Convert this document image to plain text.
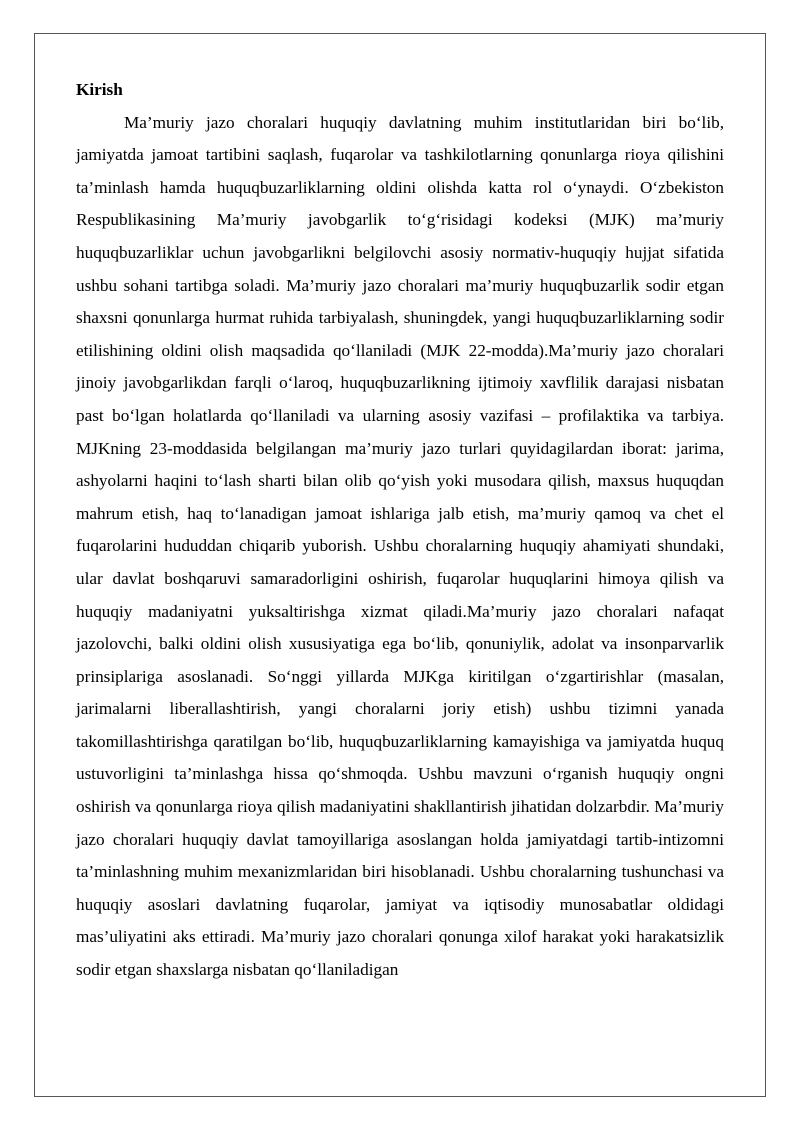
Kirish

Ma’muriy jazo choralari huquqiy davlatning muhim institutlaridan biri bo‘lib, jamiyatda jamoat tartibini saqlash, fuqarolar va tashkilotlarning qonunlarga rioya qilishini ta’minlash hamda huquqbuzarliklarning oldini olishda katta rol o‘ynaydi. O‘zbekiston Respublikasining Ma’muriy javobgarlik to‘g‘risidagi kodeksi (MJK) ma’muriy huquqbuzarliklar uchun javobgarlikni belgilovchi asosiy normativ-huquqiy hujjat sifatida ushbu sohani tartibga soladi. Ma’muriy jazo choralari ma’muriy huquqbuzarlik sodir etgan shaxsni qonunlarga hurmat ruhida tarbiyalash, shuningdek, yangi huquqbuzarliklarning sodir etilishining oldini olish maqsadida qo‘llaniladi (MJK 22-modda).Ma’muriy jazo choralari jinoiy javobgarlikdan farqli o‘laroq, huquqbuzarlikning ijtimoiy xavflilik darajasi nisbatan past bo‘lgan holatlarda qo‘llaniladi va ularning asosiy vazifasi – profilaktika va tarbiya. MJKning 23-moddasida belgilangan ma’muriy jazo turlari quyidagilardan iborat: jarima, ashyolarni haqini to‘lash sharti bilan olib qo‘yish yoki musodara qilish, maxsus huquqdan mahrum etish, haq to‘lanadigan jamoat ishlariga jalb etish, ma’muriy qamoq va chet el fuqarolarini hududdan chiqarib yuborish. Ushbu choralarning huquqiy ahamiyati shundaki, ular davlat boshqaruvi samaradorligini oshirish, fuqarolar huquqlarini himoya qilish va huquqiy madaniyatni yuksaltirishga xizmat qiladi.Ma’muriy jazo choralari nafaqat jazolovchi, balki oldini olish xususiyatiga ega bo‘lib, qonuniylik, adolat va insonparvarlik prinsiplariga asoslanadi. So‘nggi yillarda MJKga kiritilgan o‘zgartirishlar (masalan, jarimalarni liberallashtirish, yangi choralarni joriy etish) ushbu tizimni yanada takomillashtirishga qaratilgan bo‘lib, huquqbuzarliklarning kamayishiga va jamiyatda huquq ustuvorligini ta’minlashga hissa qo‘shmoqda. Ushbu mavzuni o‘rganish huquqiy ongni oshirish va qonunlarga rioya qilish madaniyatini shakllantirish jihatidan dolzarbdir. Ma’muriy jazo choralari huquqiy davlat tamoyillariga asoslangan holda jamiyatdagi tartib-intizomni ta’minlashning muhim mexanizmlaridan biri hisoblanadi. Ushbu choralarning tushunchasi va huquqiy asoslari davlatning fuqarolar, jamiyat va iqtisodiy munosabatlar oldidagi mas’uliyatini aks ettiradi. Ma’muriy jazo choralari qonunga xilof harakat yoki harakatsizlik sodir etgan shaxslarga nisbatan qo‘llaniladigan
